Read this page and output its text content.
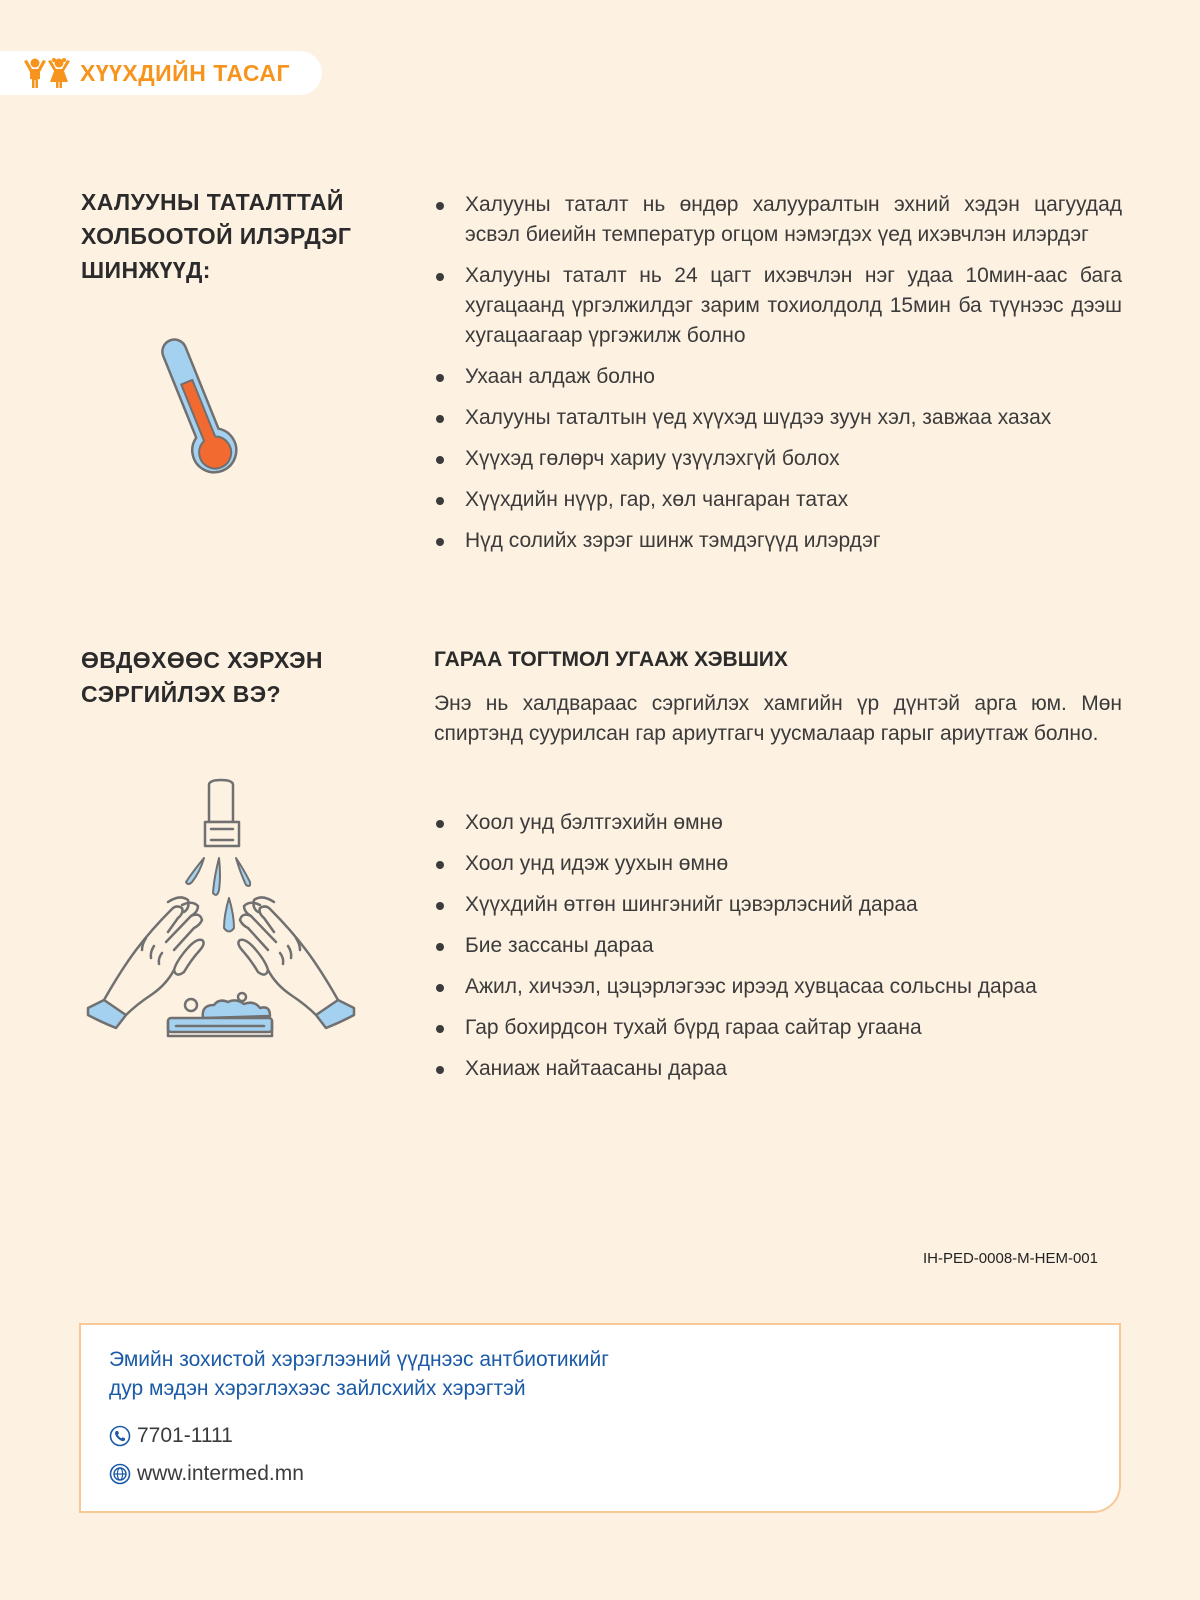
ХҮҮХДИЙН ТАСАГ
ХАЛУУНЫ ТАТАЛТТАЙ
ХОЛБООТОЙ ИЛЭРДЭГ
ШИНЖҮҮД:
Халууны таталт нь өндөр халууралтын эхний хэдэн цагуудад эсвэл биеийн температур огцом нэмэгдэх үед ихэвчлэн илэрдэг
Халууны таталт нь 24 цагт ихэвчлэн нэг удаа 10мин-аас бага хугацаанд үргэлжилдэг зарим тохиолдолд 15мин ба түүнээс дээш хугацаагаар үргэжилж болно
Ухаан алдаж болно
Халууны таталтын үед хүүхэд шүдээ зуун хэл, завжаа хазах
Хүүхэд гөлөрч хариу үзүүлэхгүй болох
Хүүхдийн нүүр, гар, хөл чангаран татах
Нүд солийх зэрэг шинж тэмдэгүүд илэрдэг
ӨВДӨХӨӨС ХЭРХЭН
СЭРГИЙЛЭХ ВЭ?
ГАРАА ТОГТМОЛ УГААЖ ХЭВШИХ
Энэ нь халдвараас сэргийлэх хамгийн үр дүнтэй арга юм. Мөн спиртэнд суурилсан гар ариутгагч уусмалаар гарыг ариутгаж болно.
Хоол унд бэлтгэхийн өмнө
Хоол унд идэж уухын өмнө
Хүүхдийн өтгөн шингэнийг цэвэрлэсний дараа
Бие зассаны дараа
Ажил, хичээл, цэцэрлэгээс ирээд хувцасаа сольсны дараа
Гар бохирдсон тухай бүрд гараа сайтар угаана
Ханиаж найтаасаны дараа
IH-PED-0008-M-HEM-001
Эмийн зохистой хэрэглээний үүднээс антбиотикийг
дур мэдэн хэрэглэхээс зайлсхийх хэрэгтэй
7701-1111
www.intermed.mn
